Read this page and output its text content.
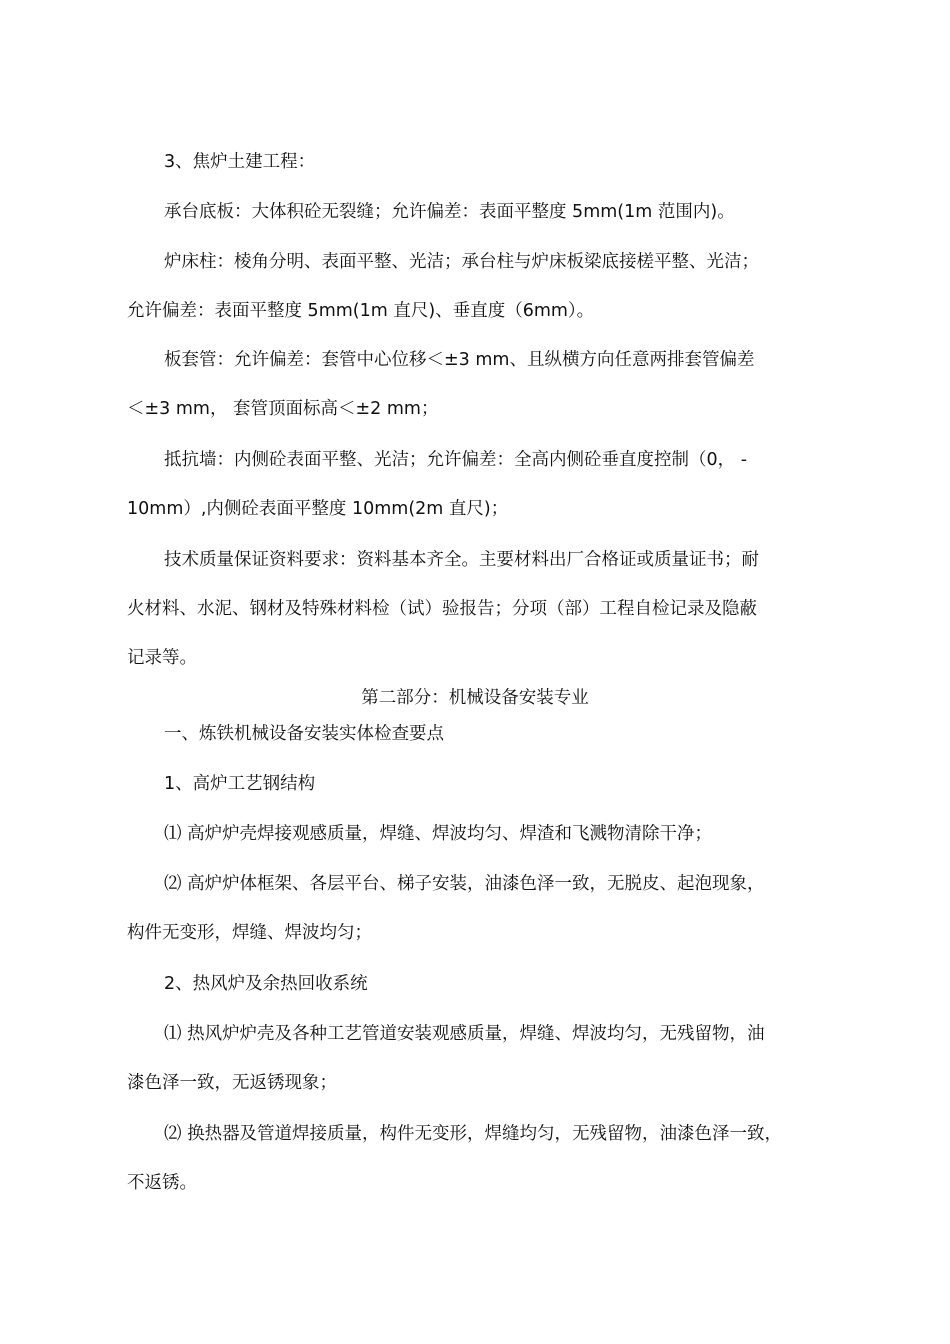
3、焦炉土建工程：

承台底板：大体积砼无裂缝；允许偏差：表面平整度 5mm(1m 范围内)。

炉床柱：棱角分明、表面平整、光洁；承台柱与炉床板梁底接槎平整、光洁；
允许偏差：表面平整度 5mm(1m 直尺)、垂直度（6mm）。
板套管：允许偏差：套管中心位移＜±3 mm、且纵横方向任意两排套管偏差
＜±3 mm， 套管顶面标高＜±2 mm；
抵抗墙：内侧砼表面平整、光洁；允许偏差：全高内侧砼垂直度控制（0， -
10mm）,内侧砼表面平整度 10mm(2m 直尺)；
技术质量保证资料要求：资料基本齐全。主要材料出厂合格证或质量证书；耐
火材料、水泥、钢材及特殊材料检（试）验报告；分项（部）工程自检记录及隐蔽
记录等。

第二部分：机械设备安装专业

一、炼铁机械设备安装实体检查要点

1、高炉工艺钢结构

⑴ 高炉炉壳焊接观感质量，焊缝、焊波均匀、焊渣和飞溅物清除干净；

⑵ 高炉炉体框架、各层平台、梯子安装，油漆色泽一致，无脱皮、起泡现象，
构件无变形，焊缝、焊波均匀；

2、热风炉及余热回收系统

⑴ 热风炉炉壳及各种工艺管道安装观感质量，焊缝、焊波均匀，无残留物，油
漆色泽一致，无返锈现象；
⑵ 换热器及管道焊接质量，构件无变形，焊缝均匀，无残留物，油漆色泽一致，
不返锈。
